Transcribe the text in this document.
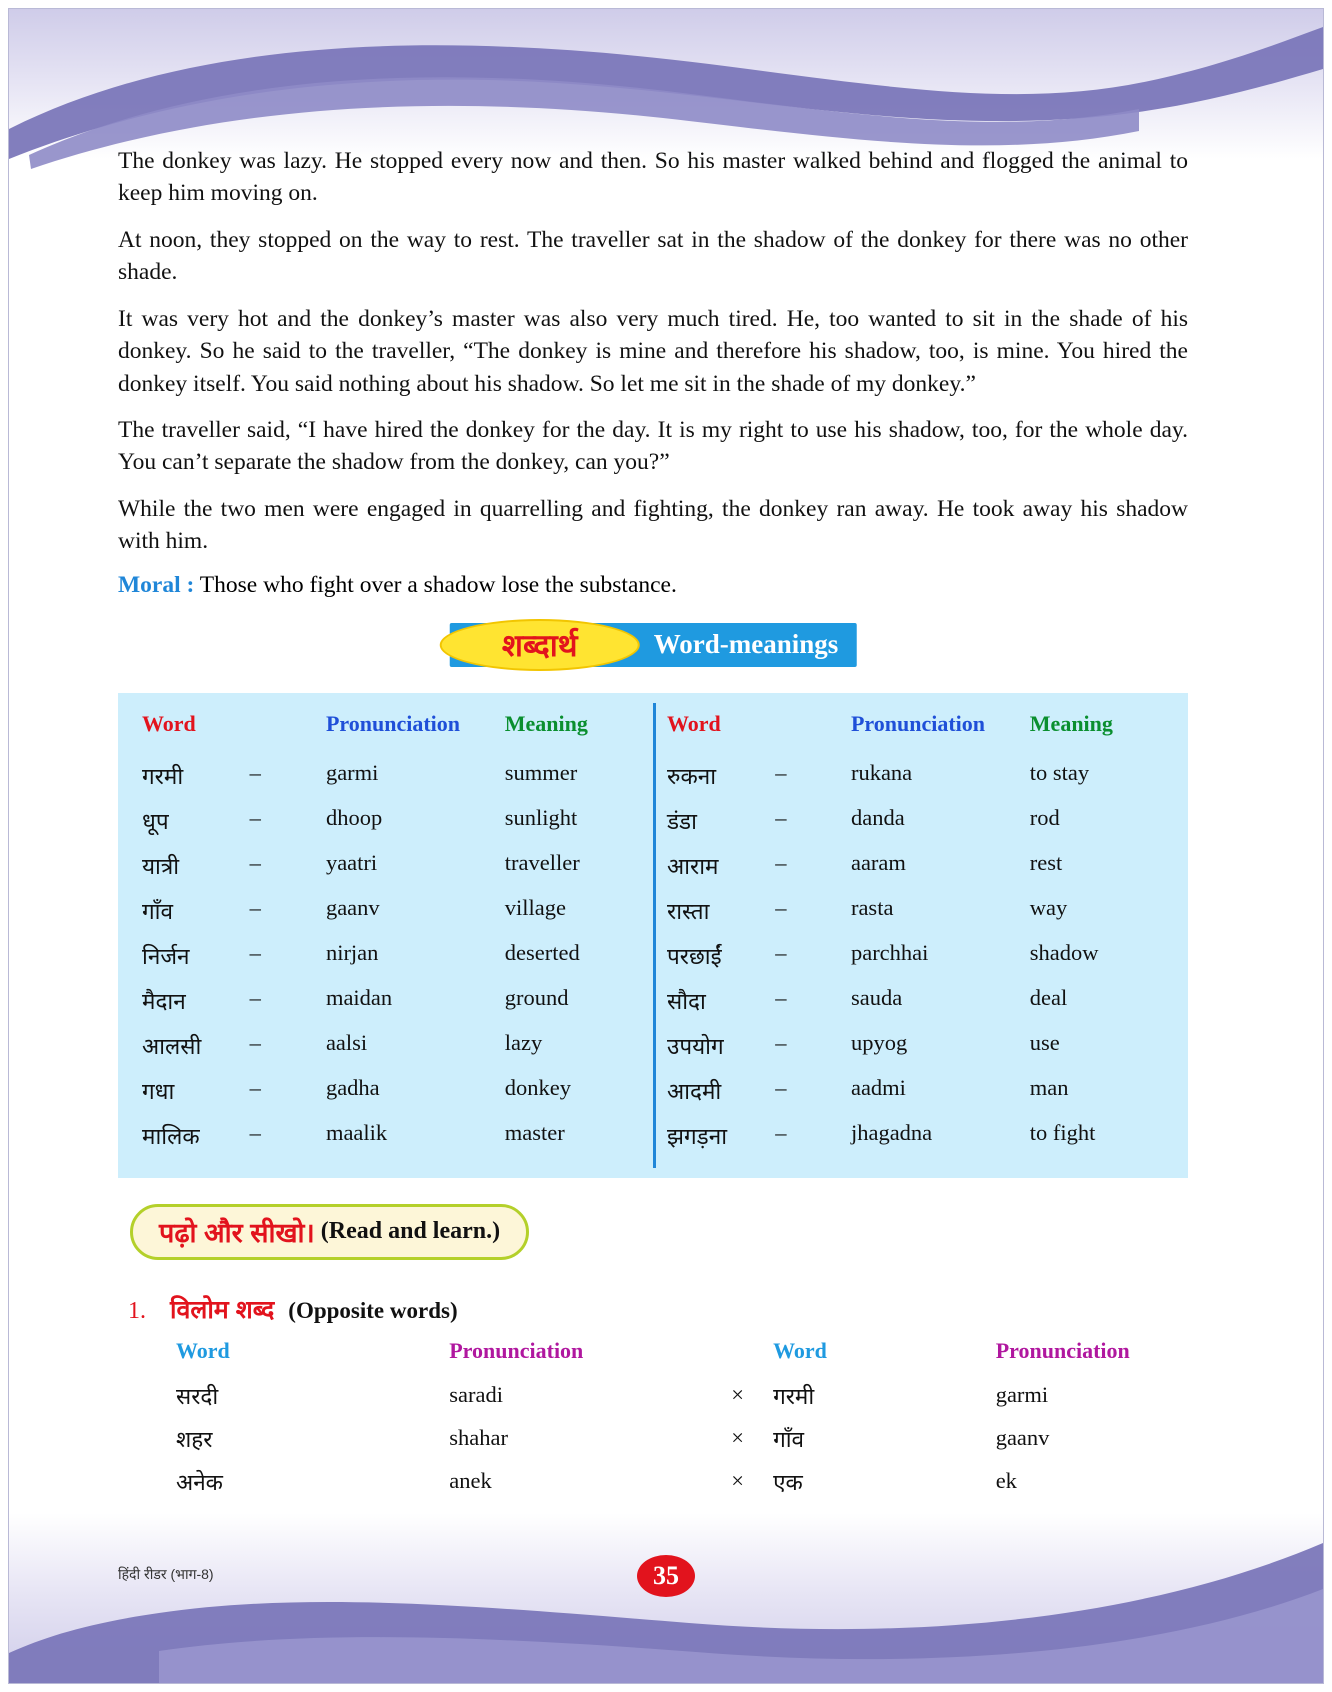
The donkey was lazy. He stopped every now and then. So his master walked behind and flogged the animal to keep him moving on.

At noon, they stopped on the way to rest. The traveller sat in the shadow of the donkey for there was no other shade.

It was very hot and the donkey’s master was also very much tired. He, too wanted to sit in the shade of his donkey. So he said to the traveller, “The donkey is mine and therefore his shadow, too, is mine. You hired the donkey itself. You said nothing about his shadow. So let me sit in the shade of my donkey.”

The traveller said, “I have hired the donkey for the day. It is my right to use his shadow, too, for the whole day. You can’t separate the shadow from the donkey, can you?”

While the two men were engaged in quarrelling and fighting, the donkey ran away. He took away his shadow with him.

Moral : Those who fight over a shadow lose the substance.

शब्दार्थ	Word-meanings
Word		Pronunciation	Meaning
गरमी	–	garmi	summer
धूप	–	dhoop	sunlight
यात्री	–	yaatri	traveller
गाँव	–	gaanv	village
निर्जन	–	nirjan	deserted
मैदान	–	maidan	ground
आलसी	–	aalsi	lazy
गधा	–	gadha	donkey
मालिक	–	maalik	master
Word		Pronunciation	Meaning
रुकना	–	rukana	to stay
डंडा	–	danda	rod
आराम	–	aaram	rest
रास्ता	–	rasta	way
परछाईं	–	parchhai	shadow
सौदा	–	sauda	deal
उपयोग	–	upyog	use
आदमी	–	aadmi	man
झगड़ना	–	jhagadna	to fight
पढ़ो और सीखो। (Read and learn.)
1. विलोम शब्द (Opposite words)
Word	Pronunciation		Word	Pronunciation
सरदी	saradi	×	गरमी	garmi
शहर	shahar	×	गाँव	gaanv
अनेक	anek	×	एक	ek
हिंदी रीडर (भाग-8)	35
